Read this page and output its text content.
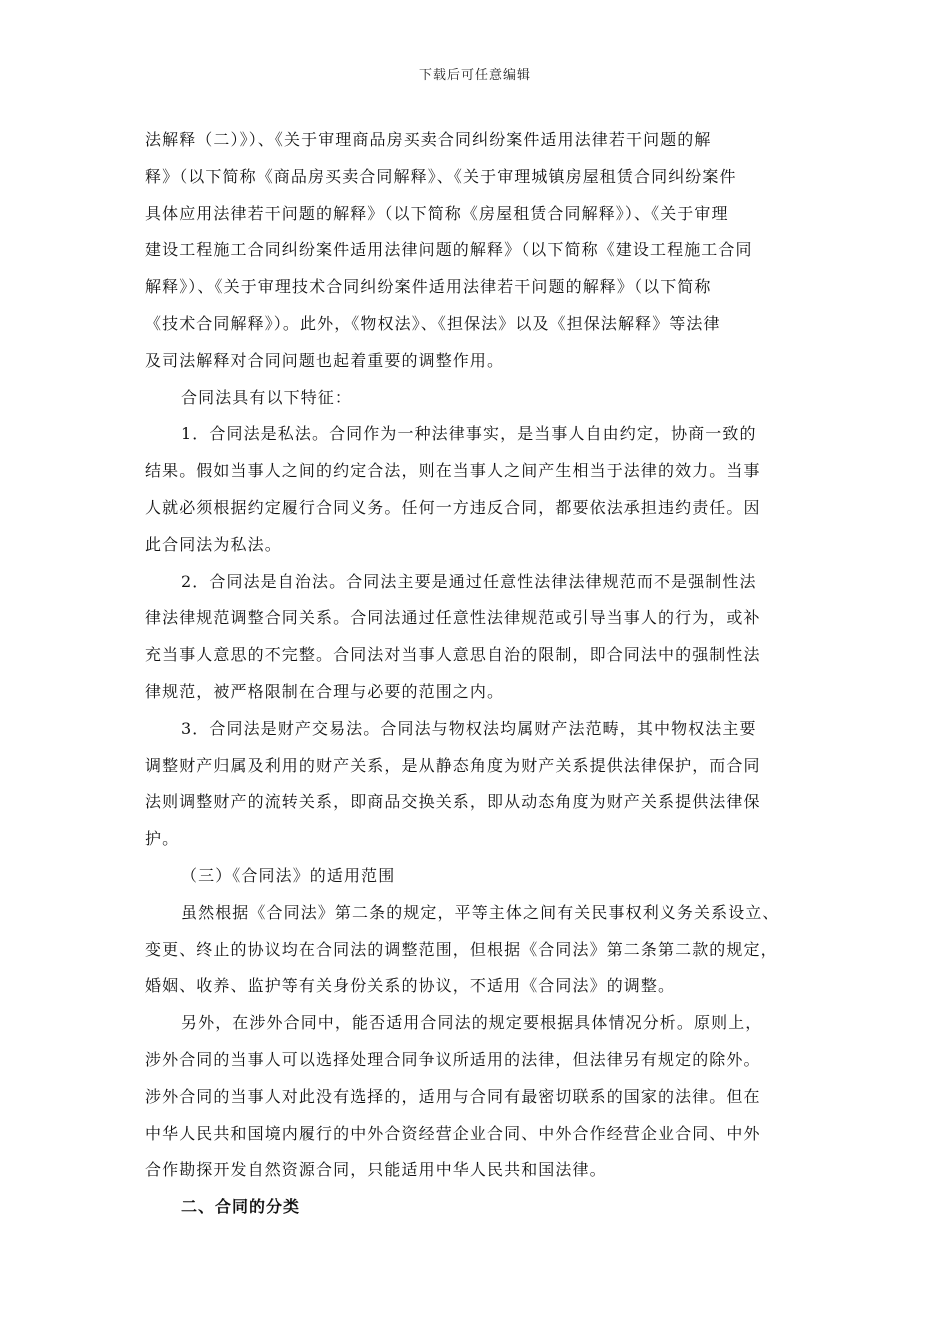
下载后可任意编辑
法解释（二）》）、《关于审理商品房买卖合同纠纷案件适用法律若干问题的解
释》（以下简称《商品房买卖合同解释》、《关于审理城镇房屋租赁合同纠纷案件
具体应用法律若干问题的解释》（以下简称《房屋租赁合同解释》）、《关于审理
建设工程施工合同纠纷案件适用法律问题的解释》（以下简称《建设工程施工合同
解释》）、《关于审理技术合同纠纷案件适用法律若干问题的解释》（以下简称
《技术合同解释》）。此外，《物权法》、《担保法》以及《担保法解释》等法律
及司法解释对合同问题也起着重要的调整作用。
合同法具有以下特征：
1．合同法是私法。合同作为一种法律事实，是当事人自由约定，协商一致的
结果。假如当事人之间的约定合法，则在当事人之间产生相当于法律的效力。当事
人就必须根据约定履行合同义务。任何一方违反合同，都要依法承担违约责任。因
此合同法为私法。
2．合同法是自治法。合同法主要是通过任意性法律法律规范而不是强制性法
律法律规范调整合同关系。合同法通过任意性法律规范或引导当事人的行为，或补
充当事人意思的不完整。合同法对当事人意思自治的限制，即合同法中的强制性法
律规范，被严格限制在合理与必要的范围之内。
3．合同法是财产交易法。合同法与物权法均属财产法范畴，其中物权法主要
调整财产归属及利用的财产关系，是从静态角度为财产关系提供法律保护，而合同
法则调整财产的流转关系，即商品交换关系，即从动态角度为财产关系提供法律保
护。
（三）《合同法》的适用范围
虽然根据《合同法》第二条的规定，平等主体之间有关民事权利义务关系设立、
变更、终止的协议均在合同法的调整范围，但根据《合同法》第二条第二款的规定，
婚姻、收养、监护等有关身份关系的协议，不适用《合同法》的调整。
另外，在涉外合同中，能否适用合同法的规定要根据具体情况分析。原则上，
涉外合同的当事人可以选择处理合同争议所适用的法律，但法律另有规定的除外。
涉外合同的当事人对此没有选择的，适用与合同有最密切联系的国家的法律。但在
中华人民共和国境内履行的中外合资经营企业合同、中外合作经营企业合同、中外
合作勘探开发自然资源合同，只能适用中华人民共和国法律。
二、合同的分类
